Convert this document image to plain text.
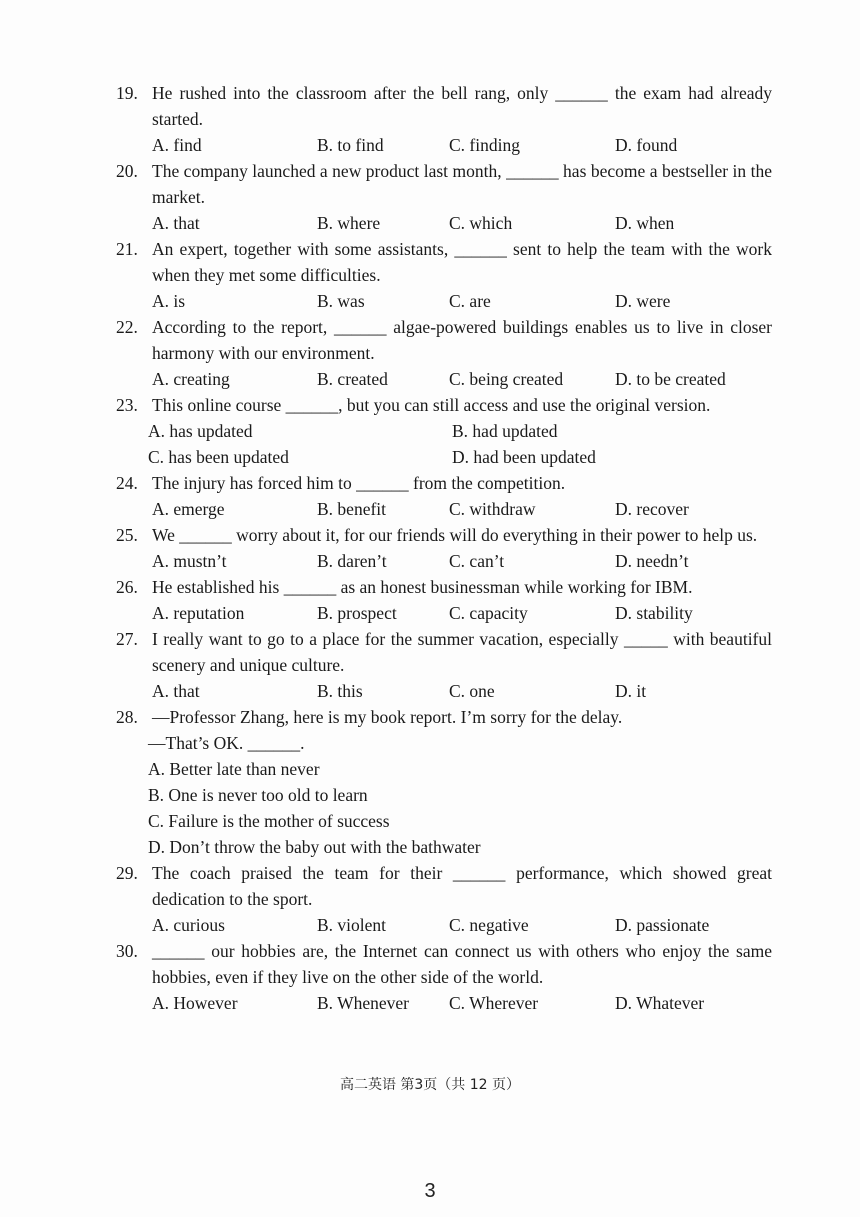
19. He rushed into the classroom after the bell rang, only ______ the exam had already started.
A. find	B. to find	C. finding	D. found
20. The company launched a new product last month, ______ has become a bestseller in the market.
A. that	B. where	C. which	D. when
21. An expert, together with some assistants, ______ sent to help the team with the work when they met some difficulties.
A. is	B. was	C. are	D. were
22. According to the report, ______ algae-powered buildings enables us to live in closer harmony with our environment.
A. creating	B. created	C. being created	D. to be created
23. This online course ______, but you can still access and use the original version.
A. has updated	B. had updated
C. has been updated	D. had been updated
24. The injury has forced him to ______ from the competition.
A. emerge	B. benefit	C. withdraw	D. recover
25. We ______ worry about it, for our friends will do everything in their power to help us.
A. mustn’t	B. daren’t	C. can’t	D. needn’t
26. He established his ______ as an honest businessman while working for IBM.
A. reputation	B. prospect	C. capacity	D. stability
27. I really want to go to a place for the summer vacation, especially _____ with beautiful scenery and unique culture.
A. that	B. this	C. one	D. it
28. —Professor Zhang, here is my book report. I’m sorry for the delay.
—That’s OK. ______.
A. Better late than never
B. One is never too old to learn
C. Failure is the mother of success
D. Don’t throw the baby out with the bathwater
29. The coach praised the team for their ______ performance, which showed great dedication to the sport.
A. curious	B. violent	C. negative	D. passionate
30. ______ our hobbies are, the Internet can connect us with others who enjoy the same hobbies, even if they live on the other side of the world.
A. However	B. Whenever	C. Wherever	D. Whatever
高二英语 第3页（共 12 页）
3
